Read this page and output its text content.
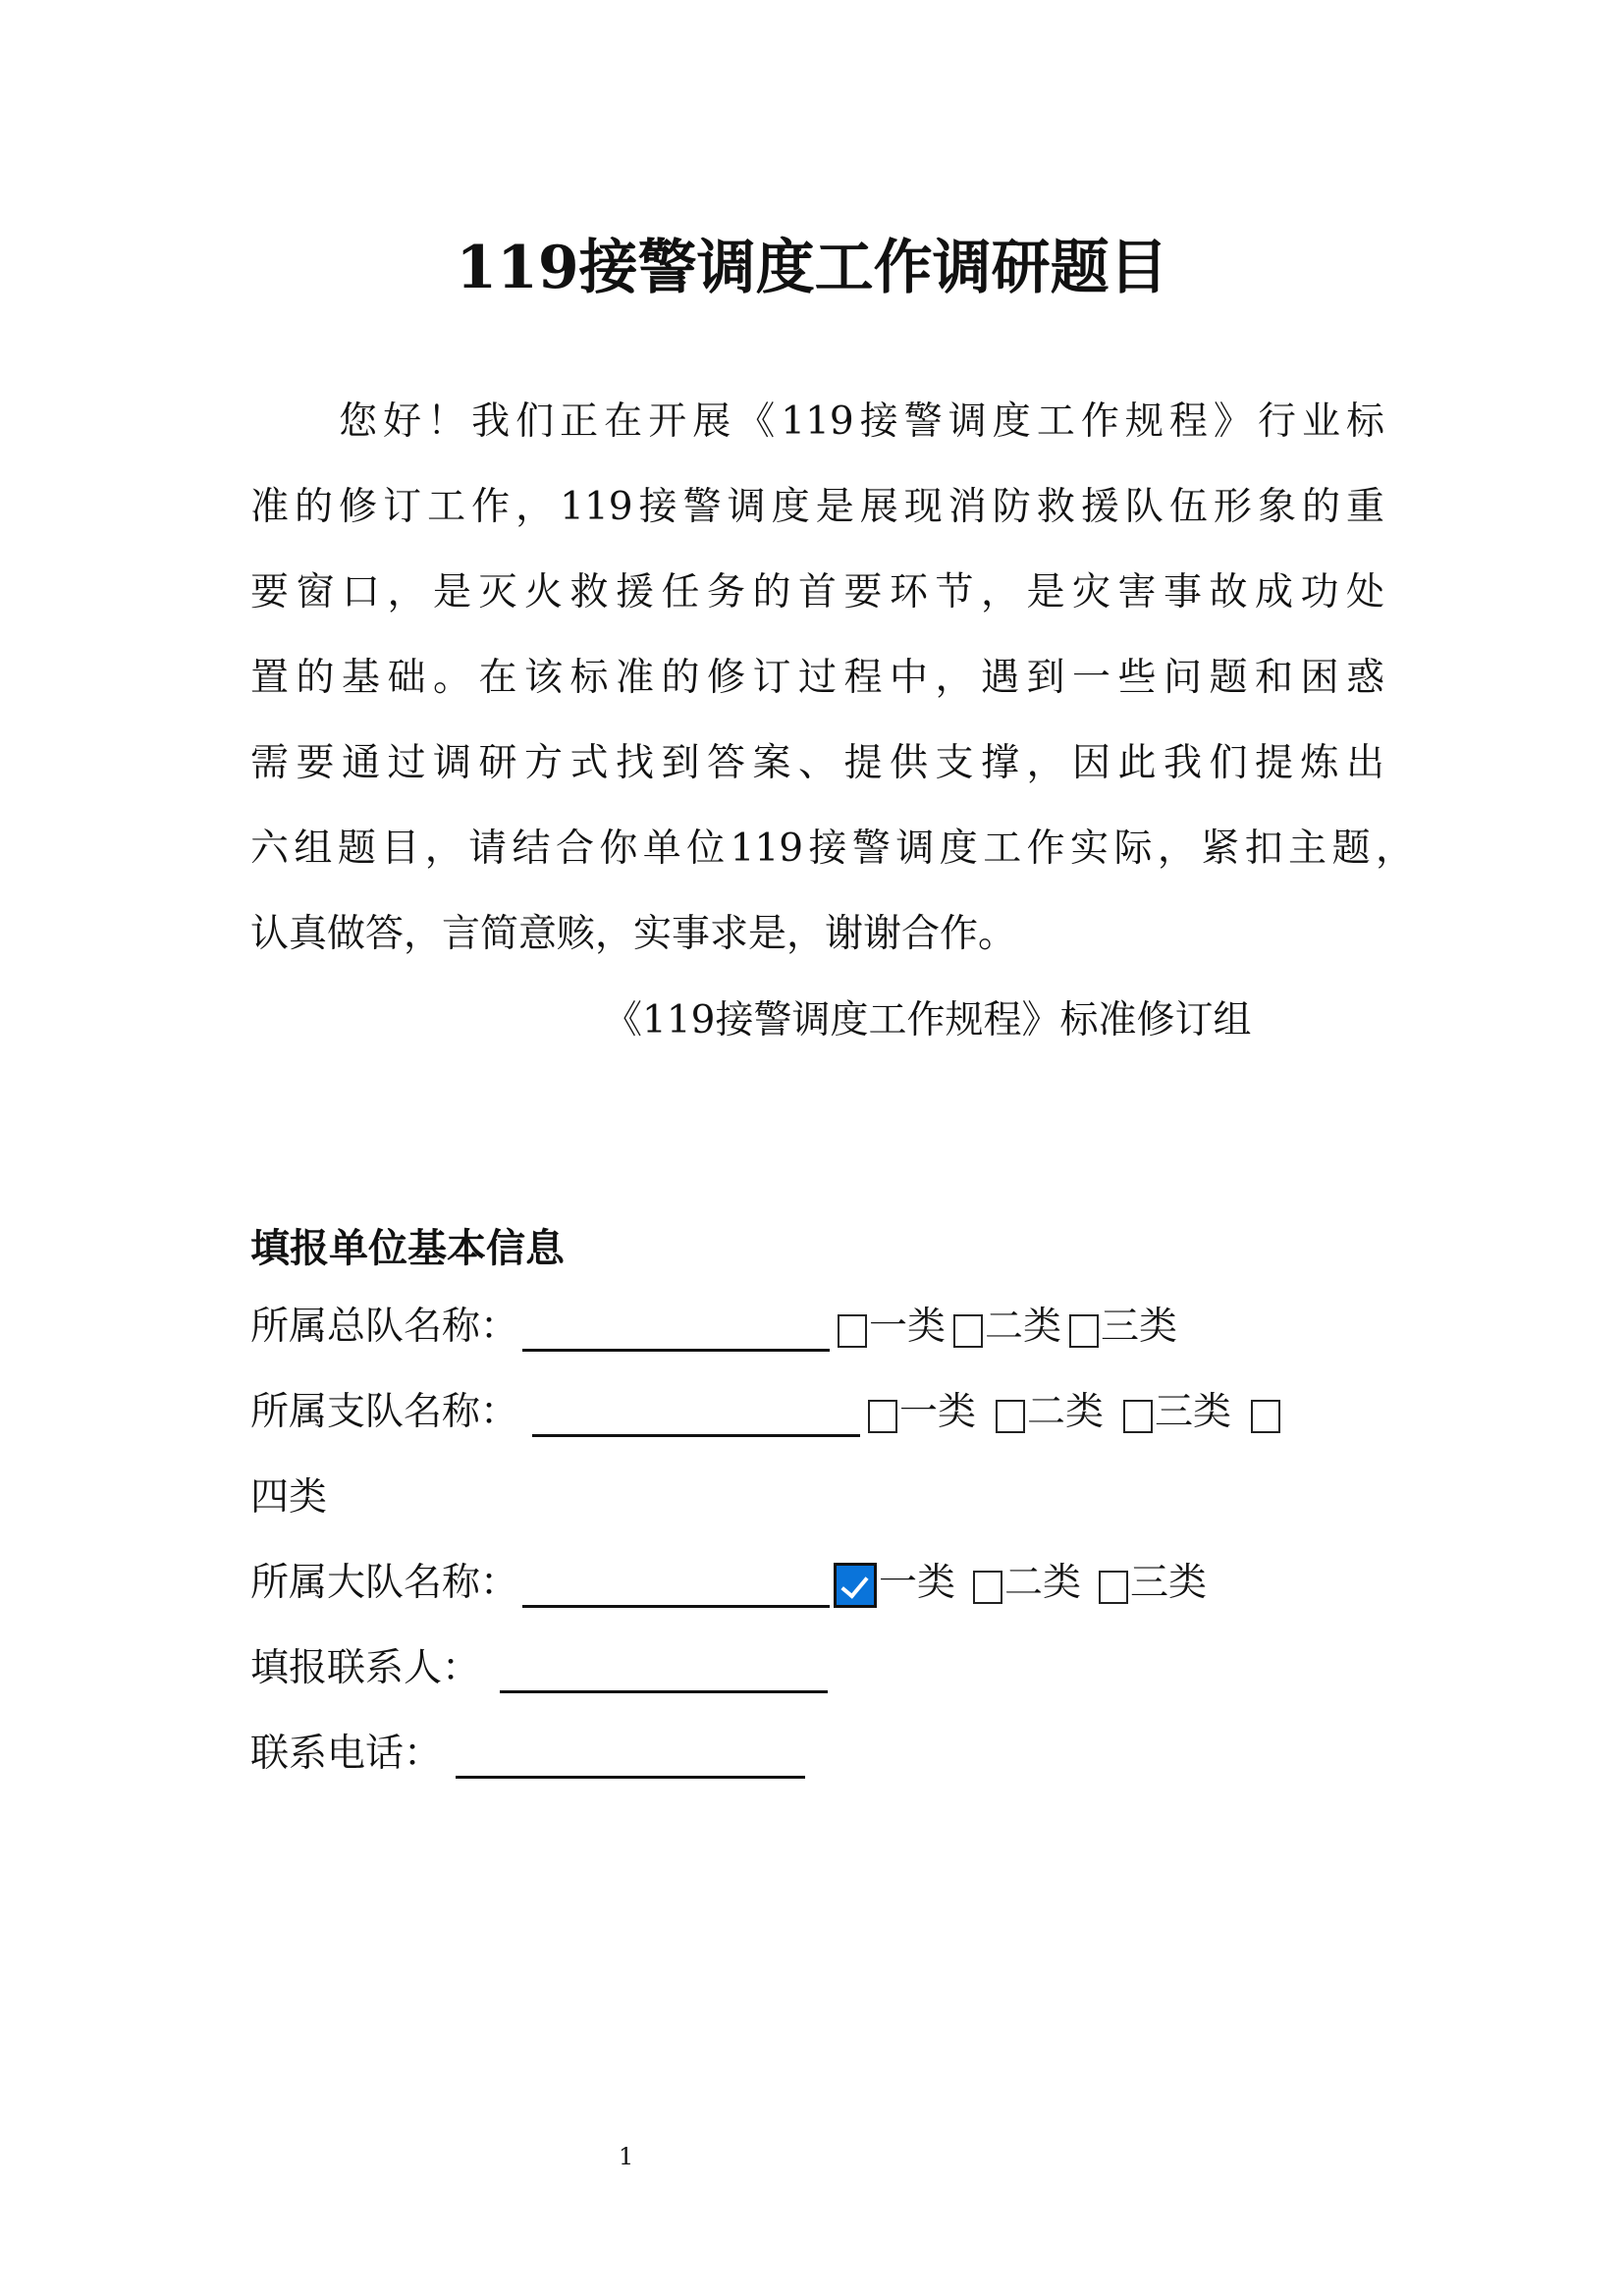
119接警调度工作调研题目
　　您好！我们正在开展《119接警调度工作规程》行业标
准的修订工作，119接警调度是展现消防救援队伍形象的重
要窗口，是灭火救援任务的首要环节，是灾害事故成功处
置的基础。在该标准的修订过程中，遇到一些问题和困惑
需要通过调研方式找到答案、提供支撑，因此我们提炼出
六组题目，请结合你单位119接警调度工作实际，紧扣主题，
认真做答，言简意赅，实事求是，谢谢合作。
《119接警调度工作规程》标准修订组
填报单位基本信息
所属总队名称：	一类 二类 三类
所属支队名称：	一类 二类 三类
四类
所属大队名称：	一类 二类 三类
填报联系人：
联系电话：
1
